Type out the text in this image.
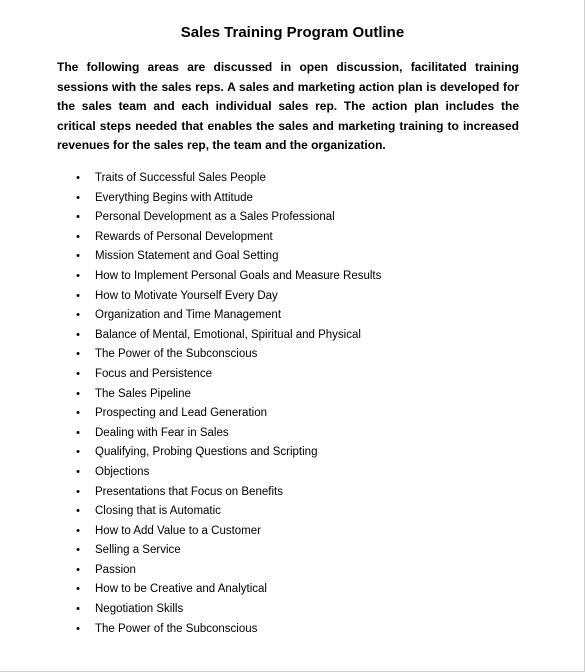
Sales Training Program Outline

The following areas are discussed in open discussion, facilitated training sessions with the sales reps. A sales and marketing action plan is developed for the sales team and each individual sales rep. The action plan includes the critical steps needed that enables the sales and marketing training to increased revenues for the sales rep, the team and the organization.

• Traits of Successful Sales People
• Everything Begins with Attitude
• Personal Development as a Sales Professional
• Rewards of Personal Development
• Mission Statement and Goal Setting
• How to Implement Personal Goals and Measure Results
• How to Motivate Yourself Every Day
• Organization and Time Management
• Balance of Mental, Emotional, Spiritual and Physical
• The Power of the Subconscious
• Focus and Persistence
• The Sales Pipeline
• Prospecting and Lead Generation
• Dealing with Fear in Sales
• Qualifying, Probing Questions and Scripting
• Objections
• Presentations that Focus on Benefits
• Closing that is Automatic
• How to Add Value to a Customer
• Selling a Service
• Passion
• How to be Creative and Analytical
• Negotiation Skills
• The Power of the Subconscious
